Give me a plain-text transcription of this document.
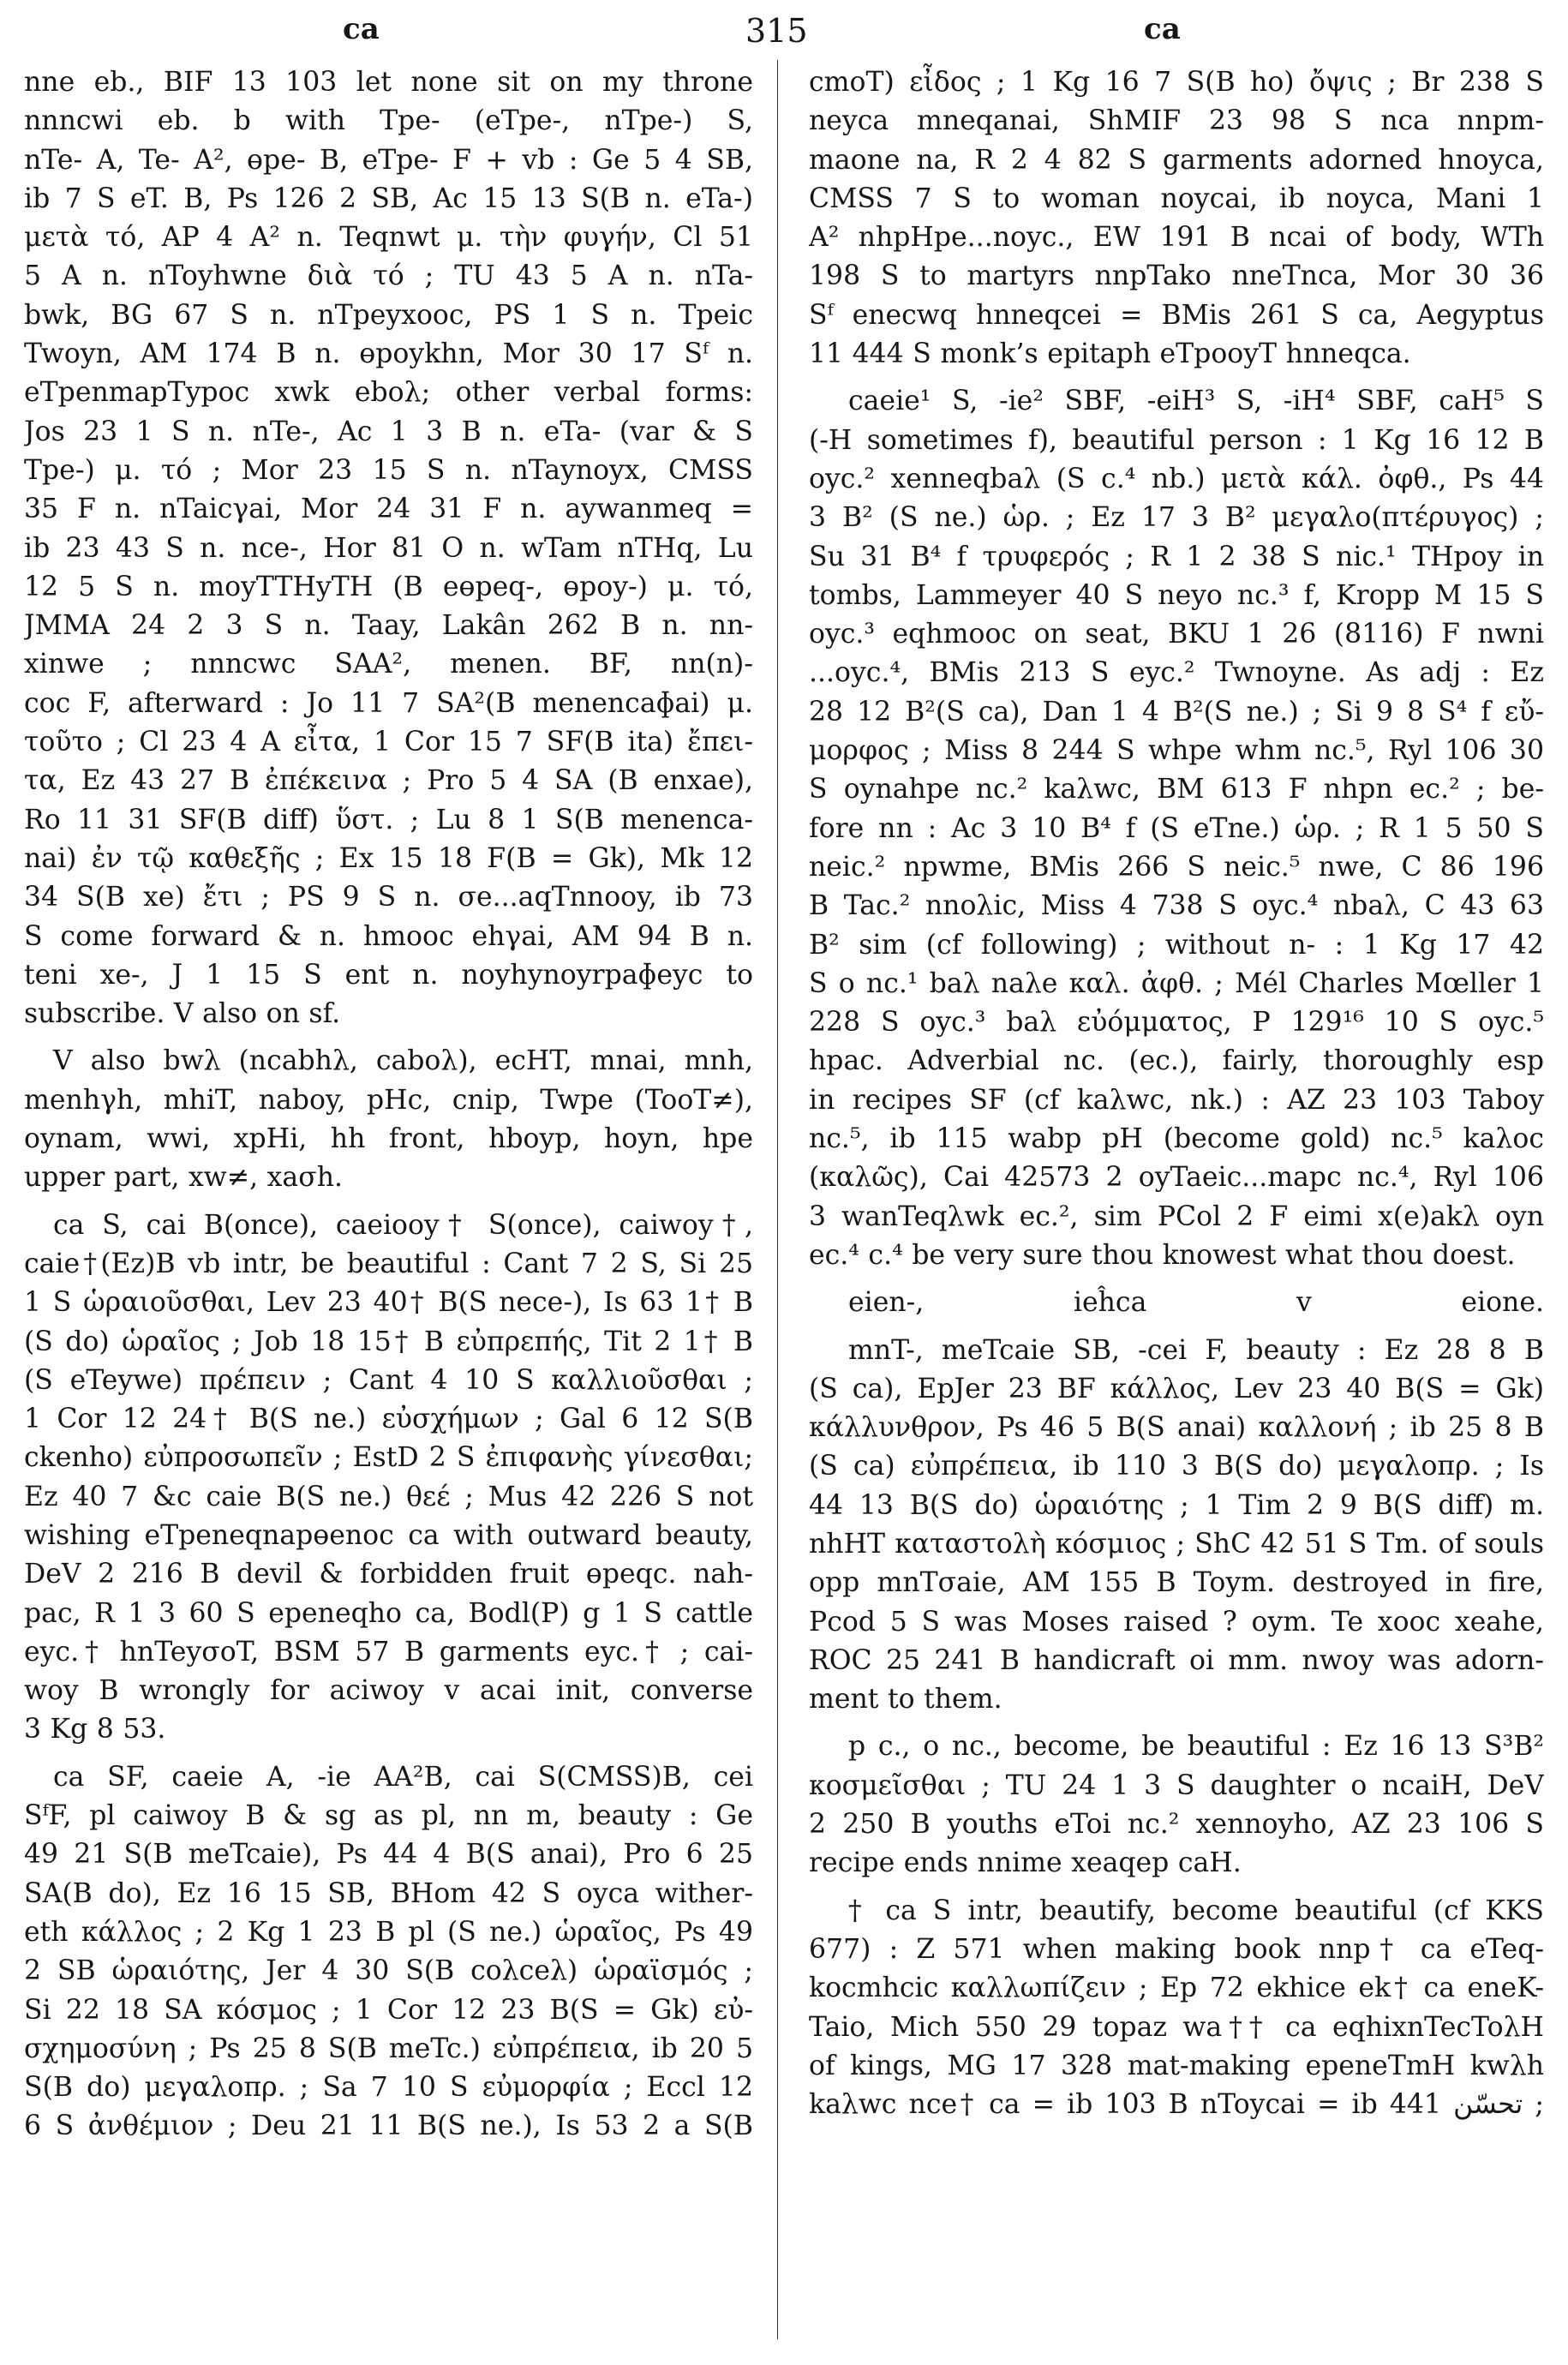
ca	315	ca
nne eb., BIF 13 103 let none sit on my throne
nnncwi eb. b with Tpe- (eTpe-, nTpe-) S,
nTe- A, Te- A², ɵpe- B, eTpe- F + vb : Ge 5 4 SB,
ib 7 S eT. B, Ps 126 2 SB, Ac 15 13 S(B n. eTa-)
μετὰ τό, AP 4 A² n. Teqnwt μ. τὴν φυγήν, Cl 51
5 A n. nToyhwne διὰ τό ; TU 43 5 A n. nTa-
bwk, BG 67 S n. nTpeyxooc, PS 1 S n. Tpeic
Twoyn, AM 174 B n. ɵpoykhn, Mor 30 17 Sᶠ n.
eTpenmapTypoc xwk eboλ; other verbal forms:
Jos 23 1 S n. nTe-, Ac 1 3 B n. eTa- (var & S
Tpe-) μ. τό ; Mor 23 15 S n. nTaynoyx, CMSS
35 F n. nTaicγai, Mor 24 31 F n. aywanmeq =
ib 23 43 S n. nce-, Hor 81 O n. wTam nTHq, Lu
12 5 S n. moyTTHyTH (B eɵpeq-, ɵpoy-) μ. τό,
JMMA 24 2 3 S n. Taay, Lakân 262 B n. nn-
xinwe ; nnncwc SAA², menen. BF, nn(n)-
coc F, afterward : Jo 11 7 SA²(B menencaɸai) μ.
τοῦτο ; Cl 23 4 A εἶτα, 1 Cor 15 7 SF(B ita) ἔπει-
τα, Ez 43 27 B ἐπέκεινα ; Pro 5 4 SA (B enxae),
Ro 11 31 SF(B diff) ὕστ. ; Lu 8 1 S(B menenca-
nai) ἐν τῷ καθεξῆς ; Ex 15 18 F(B = Gk), Mk 12
34 S(B xe) ἔτι ; PS 9 S n. σe...aqTnnooy, ib 73
S come forward & n. hmooc ehγai, AM 94 B n.
teni xe-, J 1 15 S ent n. noyhynoyrpaɸeyc to
subscribe. V also on sf.
V also bwλ (ncabhλ, caboλ), ecHT, mnai, mnh,
menhγh, mhiT, naboy, pHc, cnip, Twpe (TooT≠),
oynam, wwi, xpHi, hh front, hboyp, hoyn, hpe
upper part, xw≠, xaσh.
ca S, cai B(once), caeiooy† S(once), caiwoy†,
caie†(Ez)B vb intr, be beautiful : Cant 7 2 S, Si 25
1 S ὡραιοῦσθαι, Lev 23 40† B(S nece-), Is 63 1† B
(S do) ὡραῖος ; Job 18 15† B εὐπρεπής, Tit 2 1† B
(S eTeywe) πρέπειν ; Cant 4 10 S καλλιοῦσθαι ;
1 Cor 12 24† B(S ne.) εὐσχήμων ; Gal 6 12 S(B
ckenho) εὐπροσωπεῖν ; EstD 2 S ἐπιφανὴς γίνεσθαι;
Ez 40 7 &c caie B(S ne.) θεέ ; Mus 42 226 S not
wishing eTpeneqnapɵenoc ca with outward beauty,
DeV 2 216 B devil & forbidden fruit ɵpeqc. nah-
pac, R 1 3 60 S epeneqho ca, Bodl(P) g 1 S cattle
eyc.† hnTeyσoT, BSM 57 B garments eyc.† ; cai-
woy B wrongly for aciwoy v acai init, converse
3 Kg 8 53.
ca SF, caeie A, -ie AA²B, cai S(CMSS)B, cei
SᶠF, pl caiwoy B & sg as pl, nn m, beauty : Ge
49 21 S(B meTcaie), Ps 44 4 B(S anai), Pro 6 25
SA(B do), Ez 16 15 SB, BHom 42 S oyca wither-
eth κάλλος ; 2 Kg 1 23 B pl (S ne.) ὡραῖος, Ps 49
2 SB ὡραιότης, Jer 4 30 S(B coλceλ) ὡραϊσμός ;
Si 22 18 SA κόσμος ; 1 Cor 12 23 B(S = Gk) εὐ-
σχημοσύνη ; Ps 25 8 S(B meTc.) εὐπρέπεια, ib 20 5
S(B do) μεγαλοπρ. ; Sa 7 10 S εὐμορφία ; Eccl 12
6 S ἀνθέμιον ; Deu 21 11 B(S ne.), Is 53 2 a S(B
cmoT) εἶδος ; 1 Kg 16 7 S(B ho) ὄψις ; Br 238 S
neyca mneqanai, ShMIF 23 98 S nca nnpm-
maone na, R 2 4 82 S garments adorned hnoyca,
CMSS 7 S to woman noycai, ib noyca, Mani 1
A² nhpHpe...noyc., EW 191 B ncai of body, WTh
198 S to martyrs nnpTako nneTnca, Mor 30 36
Sᶠ enecwq hnneqcei = BMis 261 S ca, Aegyptus
11 444 S monk’s epitaph eTpooyT hnneqca.
caeie¹ S, -ie² SBF, -eiH³ S, -iH⁴ SBF, caH⁵ S
(-H sometimes f), beautiful person : 1 Kg 16 12 B
oyc.² xenneqbaλ (S c.⁴ nb.) μετὰ κάλ. ὀφθ., Ps 44
3 B² (S ne.) ὡρ. ; Ez 17 3 B² μεγαλο(πτέρυγος) ;
Su 31 B⁴ f τρυφερός ; R 1 2 38 S nic.¹ THpoy in
tombs, Lammeyer 40 S neyo nc.³ f, Kropp M 15 S
oyc.³ eqhmooc on seat, BKU 1 26 (8116) F nwni
...oyc.⁴, BMis 213 S eyc.² Twnoyne. As adj : Ez
28 12 B²(S ca), Dan 1 4 B²(S ne.) ; Si 9 8 S⁴ f εὔ-
μορφος ; Miss 8 244 S whpe whm nc.⁵, Ryl 106 30
S oynahpe nc.² kaλwc, BM 613 F nhpn ec.² ; be-
fore nn : Ac 3 10 B⁴ f (S eTne.) ὡρ. ; R 1 5 50 S
neic.² npwme, BMis 266 S neic.⁵ nwe, C 86 196
B Tac.² nnoλic, Miss 4 738 S oyc.⁴ nbaλ, C 43 63
B² sim (cf following) ; without n- : 1 Kg 17 42
S o nc.¹ baλ naλe καλ. ἀφθ. ; Mél Charles Mœller 1
228 S oyc.³ baλ εὐόμματος, P 129¹⁶ 10 S oyc.⁵
hpac. Adverbial nc. (ec.), fairly, thoroughly esp
in recipes SF (cf kaλwc, nk.) : AZ 23 103 Taboy
nc.⁵, ib 115 wabp pH (become gold) nc.⁵ kaλoc
(καλῶς), Cai 42573 2 oyTaeic...mapc nc.⁴, Ryl 106
3 wanTeqλwk ec.², sim PCol 2 F eimi x(e)akλ oyn
ec.⁴ c.⁴ be very sure thou knowest what thou doest.
eien-, ieĥca v eione.
mnT-, meTcaie SB, -cei F, beauty : Ez 28 8 B
(S ca), EpJer 23 BF κάλλος, Lev 23 40 B(S = Gk)
κάλλυνθρον, Ps 46 5 B(S anai) καλλονή ; ib 25 8 B
(S ca) εὐπρέπεια, ib 110 3 B(S do) μεγαλοπρ. ; Is
44 13 B(S do) ὡραιότης ; 1 Tim 2 9 B(S diff) m.
nhHT καταστολὴ κόσμιος ; ShC 42 51 S Tm. of souls
opp mnTσaie, AM 155 B Toym. destroyed in fire,
Pcod 5 S was Moses raised ? oym. Te xooc xeahe,
ROC 25 241 B handicraft oi mm. nwoy was adorn-
ment to them.
p c., o nc., become, be beautiful : Ez 16 13 S³B²
κοσμεῖσθαι ; TU 24 1 3 S daughter o ncaiH, DeV
2 250 B youths eToi nc.² xennoyho, AZ 23 106 S
recipe ends nnime xeaqep caH.
† ca S intr, beautify, become beautiful (cf KKS
677) : Z 571 when making book nnp† ca eTeq-
kocmhcic καλλωπίζειν ; Ep 72 ekhice ek† ca eneK-
Taio, Mich 550 29 topaz wa†† ca eqhixnTecToλH
of kings, MG 17 328 mat-making epeneTmH kwλh
kaλwc nce† ca = ib 103 B nToycai = ib 441 تحسّن ;
